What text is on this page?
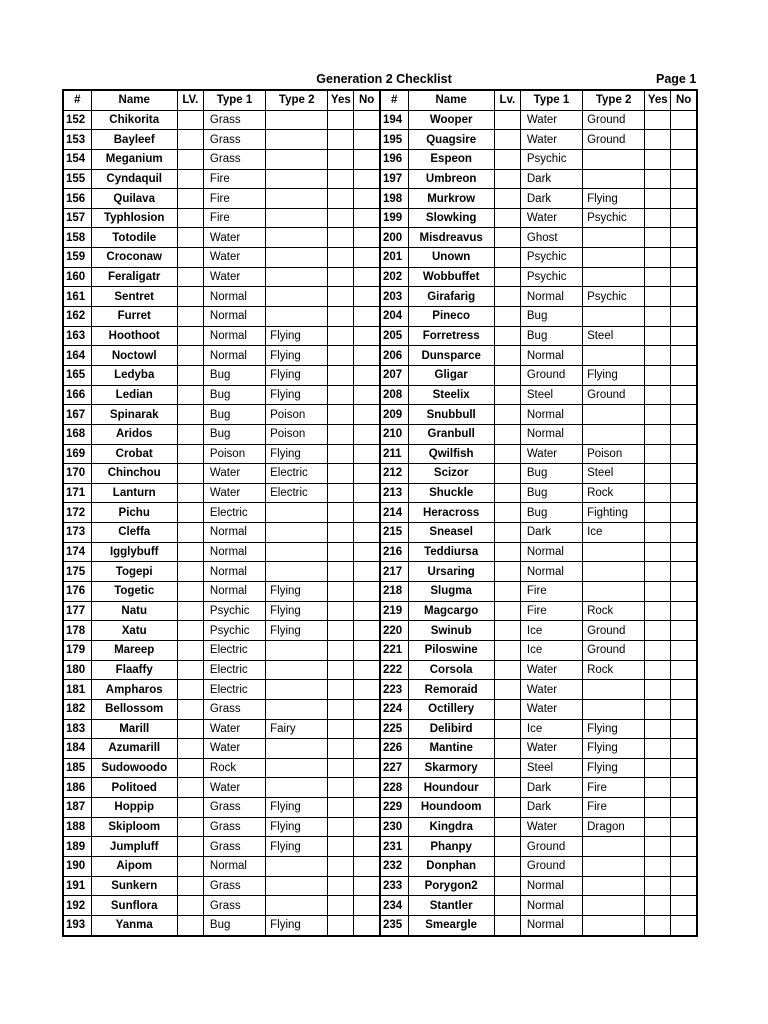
Generation 2 Checklist	Page 1
#	Name	LV.	Type 1	Type 2	Yes	No	#	Name	Lv.	Type 1	Type 2	Yes	No
152	Chikorita		Grass				194	Wooper		Water	Ground		
153	Bayleef		Grass				195	Quagsire		Water	Ground		
154	Meganium		Grass				196	Espeon		Psychic			
155	Cyndaquil		Fire				197	Umbreon		Dark			
156	Quilava		Fire				198	Murkrow		Dark	Flying		
157	Typhlosion		Fire				199	Slowking		Water	Psychic		
158	Totodile		Water				200	Misdreavus		Ghost			
159	Croconaw		Water				201	Unown		Psychic			
160	Feraligatr		Water				202	Wobbuffet		Psychic			
161	Sentret		Normal				203	Girafarig		Normal	Psychic		
162	Furret		Normal				204	Pineco		Bug			
163	Hoothoot		Normal	Flying			205	Forretress		Bug	Steel		
164	Noctowl		Normal	Flying			206	Dunsparce		Normal			
165	Ledyba		Bug	Flying			207	Gligar		Ground	Flying		
166	Ledian		Bug	Flying			208	Steelix		Steel	Ground		
167	Spinarak		Bug	Poison			209	Snubbull		Normal			
168	Aridos		Bug	Poison			210	Granbull		Normal			
169	Crobat		Poison	Flying			211	Qwilfish		Water	Poison		
170	Chinchou		Water	Electric			212	Scizor		Bug	Steel		
171	Lanturn		Water	Electric			213	Shuckle		Bug	Rock		
172	Pichu		Electric				214	Heracross		Bug	Fighting		
173	Cleffa		Normal				215	Sneasel		Dark	Ice		
174	Igglybuff		Normal				216	Teddiursa		Normal			
175	Togepi		Normal				217	Ursaring		Normal			
176	Togetic		Normal	Flying			218	Slugma		Fire			
177	Natu		Psychic	Flying			219	Magcargo		Fire	Rock		
178	Xatu		Psychic	Flying			220	Swinub		Ice	Ground		
179	Mareep		Electric				221	Piloswine		Ice	Ground		
180	Flaaffy		Electric				222	Corsola		Water	Rock		
181	Ampharos		Electric				223	Remoraid		Water			
182	Bellossom		Grass				224	Octillery		Water			
183	Marill		Water	Fairy			225	Delibird		Ice	Flying		
184	Azumarill		Water				226	Mantine		Water	Flying		
185	Sudowoodo		Rock				227	Skarmory		Steel	Flying		
186	Politoed		Water				228	Houndour		Dark	Fire		
187	Hoppip		Grass	Flying			229	Houndoom		Dark	Fire		
188	Skiploom		Grass	Flying			230	Kingdra		Water	Dragon		
189	Jumpluff		Grass	Flying			231	Phanpy		Ground			
190	Aipom		Normal				232	Donphan		Ground			
191	Sunkern		Grass				233	Porygon2		Normal			
192	Sunflora		Grass				234	Stantler		Normal			
193	Yanma		Bug	Flying			235	Smeargle		Normal			
